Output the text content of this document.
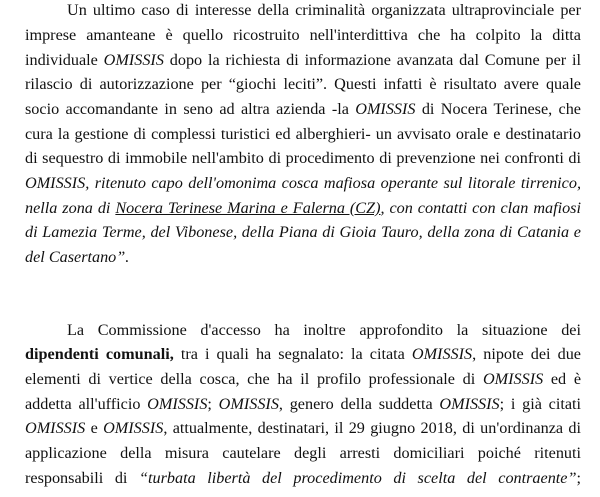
Un ultimo caso di interesse della criminalità organizzata ultraprovinciale per
imprese amanteane è quello ricostruito nell'interdittiva che ha colpito la ditta
individuale OMISSIS dopo la richiesta di informazione avanzata dal Comune per il
rilascio di autorizzazione per “giochi leciti”. Questi infatti è risultato avere quale
socio accomandante in seno ad altra azienda -la OMISSIS di Nocera Terinese, che
cura la gestione di complessi turistici ed alberghieri- un avvisato orale e destinatario
di sequestro di immobile nell'ambito di procedimento di prevenzione nei confronti di
OMISSIS, ritenuto capo dell'omonima cosca mafiosa operante sul litorale tirrenico,
nella zona di Nocera Terinese Marina e Falerna (CZ), con contatti con clan mafiosi
di Lamezia Terme, del Vibonese, della Piana di Gioia Tauro, della zona di Catania e
del Casertano”.
La Commissione d'accesso ha inoltre approfondito la situazione dei
dipendenti comunali, tra i quali ha segnalato: la citata OMISSIS, nipote dei due
elementi di vertice della cosca, che ha il profilo professionale di OMISSIS ed è
addetta all'ufficio OMISSIS; OMISSIS, genero della suddetta OMISSIS; i già citati
OMISSIS e OMISSIS, attualmente, destinatari, il 29 giugno 2018, di un'ordinanza di
applicazione della misura cautelare degli arresti domiciliari poiché ritenuti
responsabili di “turbata libertà del procedimento di scelta del contraente”;
